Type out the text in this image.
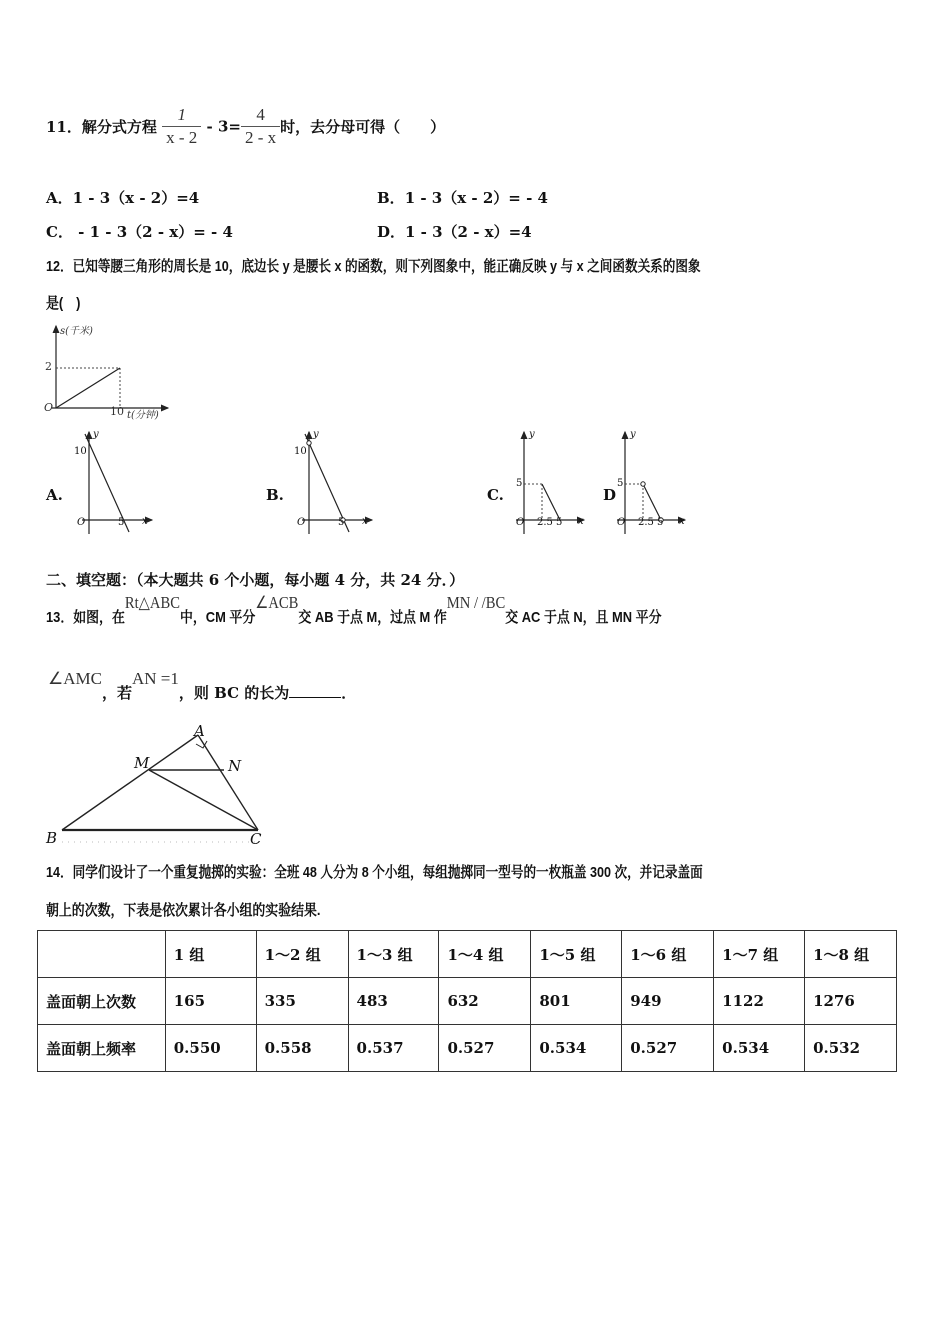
11．解分式方程 $\frac{1}{x - 2} - 3= \frac{4}{2 - x}$ 时，去分母可得（　　）
A．1 - 3（x - 2）=4	B．1 - 3（x - 2）= - 4
C． - 1 - 3（2 - x）= - 4	D．1 - 3（2 - x）=4
12．已知等腰三角形的周长是 10，底边长 y 是腰长 x 的函数，则下列图象中，能正确反映 y 与 x 之间函数关系的图象
是(　)
s(千米)
2
O	10 t(分钟)
A.
y
10
O	5 x
B.
y
10
O	5 x
C.
y
5
O 2.5 5 x
D
y
5
O 2.5 5 x
二、填空题：（本大题共 6 个小题，每小题 4 分，共 24 分．）
13．如图，在Rt△ABC中，CM 平分∠ACB交 AB 于点 M，过点 M 作MN / /BC交 AC 于点 N，且 MN 平分
∠AMC，若AN =1，则 BC 的长为	．
A
M	N
B	C
14．同学们设计了一个重复抛掷的实验：全班 48 人分为 8 个小组，每组抛掷同一型号的一枚瓶盖 300 次，并记录盖面
朝上的次数，下表是依次累计各小组的实验结果.
	1 组	1～2 组	1～3 组	1～4 组	1～5 组	1～6 组	1～7 组	1～8 组
盖面朝上次数	165	335	483	632	801	949	1122	1276
盖面朝上频率	0.550	0.558	0.537	0.527	0.534	0.527	0.534	0.532
